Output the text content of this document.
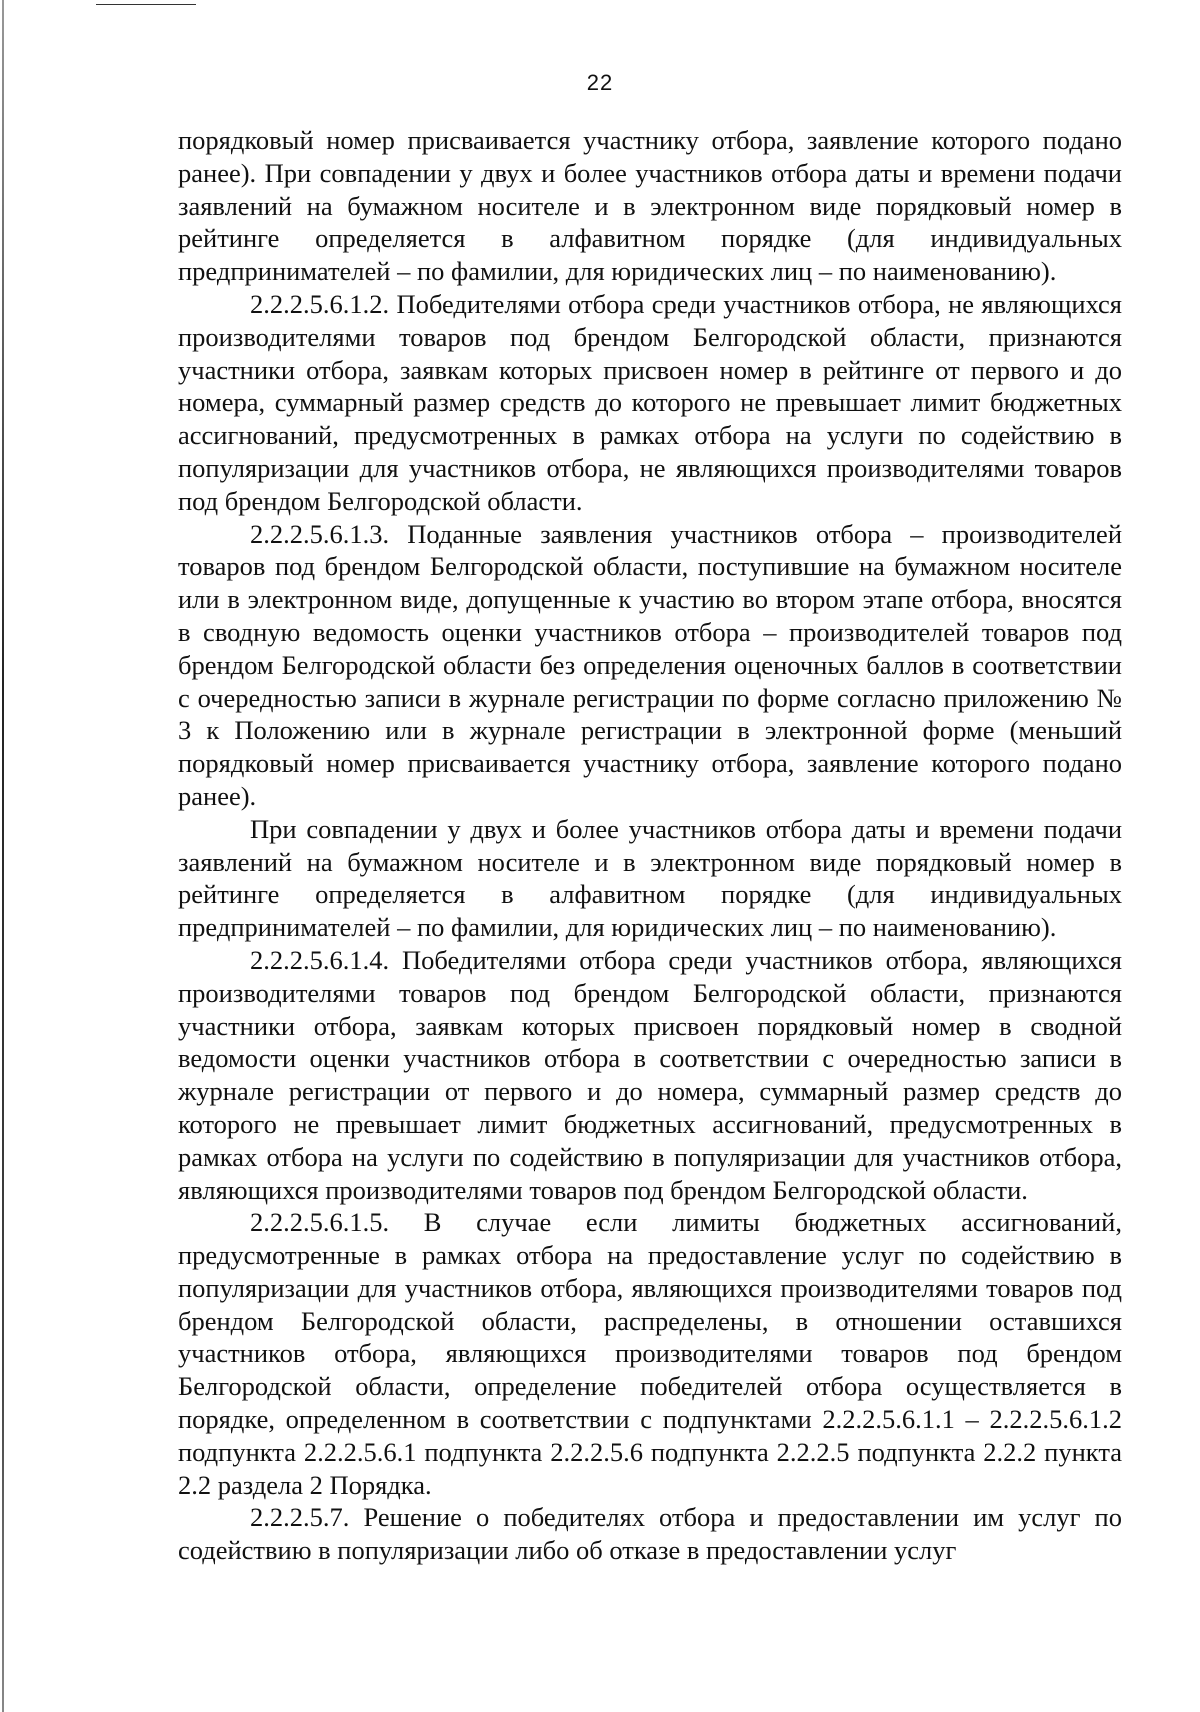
22

порядковый номер присваивается участнику отбора, заявление которого подано ранее). При совпадении у двух и более участников отбора даты и времени подачи заявлений на бумажном носителе и в электронном виде порядковый номер в рейтинге определяется в алфавитном порядке (для индивидуальных предпринимателей – по фамилии, для юридических лиц – по наименованию).

2.2.2.5.6.1.2. Победителями отбора среди участников отбора, не являющихся производителями товаров под брендом Белгородской области, признаются участники отбора, заявкам которых присвоен номер в рейтинге от первого и до номера, суммарный размер средств до которого не превышает лимит бюджетных ассигнований, предусмотренных в рамках отбора на услуги по содействию в популяризации для участников отбора, не являющихся производителями товаров под брендом Белгородской области.

2.2.2.5.6.1.3. Поданные заявления участников отбора – производителей товаров под брендом Белгородской области, поступившие на бумажном носителе или в электронном виде, допущенные к участию во втором этапе отбора, вносятся в сводную ведомость оценки участников отбора – производителей товаров под брендом Белгородской области без определения оценочных баллов в соответствии с очередностью записи в журнале регистрации по форме согласно приложению № 3 к Положению или в журнале регистрации в электронной форме (меньший порядковый номер присваивается участнику отбора, заявление которого подано ранее).

При совпадении у двух и более участников отбора даты и времени подачи заявлений на бумажном носителе и в электронном виде порядковый номер в рейтинге определяется в алфавитном порядке (для индивидуальных предпринимателей – по фамилии, для юридических лиц – по наименованию).

2.2.2.5.6.1.4. Победителями отбора среди участников отбора, являющихся производителями товаров под брендом Белгородской области, признаются участники отбора, заявкам которых присвоен порядковый номер в сводной ведомости оценки участников отбора в соответствии с очередностью записи в журнале регистрации от первого и до номера, суммарный размер средств до которого не превышает лимит бюджетных ассигнований, предусмотренных в рамках отбора на услуги по содействию в популяризации для участников отбора, являющихся производителями товаров под брендом Белгородской области.

2.2.2.5.6.1.5. В случае если лимиты бюджетных ассигнований, предусмотренные в рамках отбора на предоставление услуг по содействию в популяризации для участников отбора, являющихся производителями товаров под брендом Белгородской области, распределены, в отношении оставшихся участников отбора, являющихся производителями товаров под брендом Белгородской области, определение победителей отбора осуществляется в порядке, определенном в соответствии с подпунктами 2.2.2.5.6.1.1 – 2.2.2.5.6.1.2 подпункта 2.2.2.5.6.1 подпункта 2.2.2.5.6 подпункта 2.2.2.5 подпункта 2.2.2 пункта 2.2 раздела 2 Порядка.

2.2.2.5.7. Решение о победителях отбора и предоставлении им услуг по содействию в популяризации либо об отказе в предоставлении услуг
